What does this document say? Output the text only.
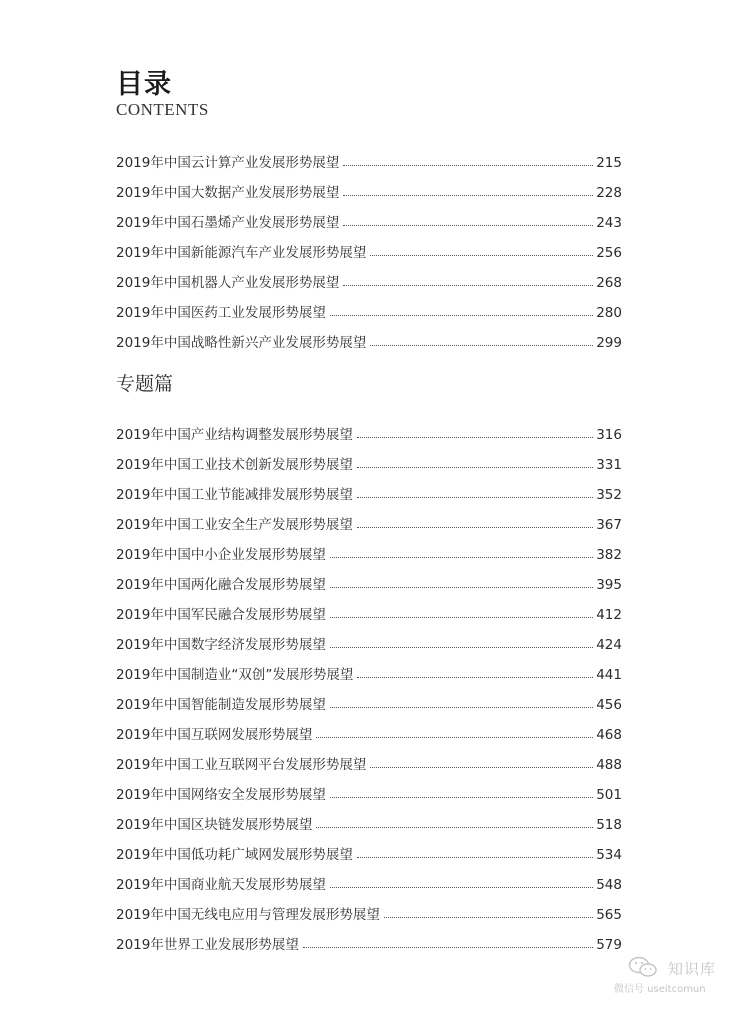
目录
CONTENTS
2019年中国云计算产业发展形势展望	215
2019年中国大数据产业发展形势展望	228
2019年中国石墨烯产业发展形势展望	243
2019年中国新能源汽车产业发展形势展望	256
2019年中国机器人产业发展形势展望	268
2019年中国医药工业发展形势展望	280
2019年中国战略性新兴产业发展形势展望	299
专题篇
2019年中国产业结构调整发展形势展望	316
2019年中国工业技术创新发展形势展望	331
2019年中国工业节能减排发展形势展望	352
2019年中国工业安全生产发展形势展望	367
2019年中国中小企业发展形势展望	382
2019年中国两化融合发展形势展望	395
2019年中国军民融合发展形势展望	412
2019年中国数字经济发展形势展望	424
2019年中国制造业“双创”发展形势展望	441
2019年中国智能制造发展形势展望	456
2019年中国互联网发展形势展望	468
2019年中国工业互联网平台发展形势展望	488
2019年中国网络安全发展形势展望	501
2019年中国区块链发展形势展望	518
2019年中国低功耗广域网发展形势展望	534
2019年中国商业航天发展形势展望	548
2019年中国无线电应用与管理发展形势展望	565
2019年世界工业发展形势展望	579
知识库
微信号 useitcomun
